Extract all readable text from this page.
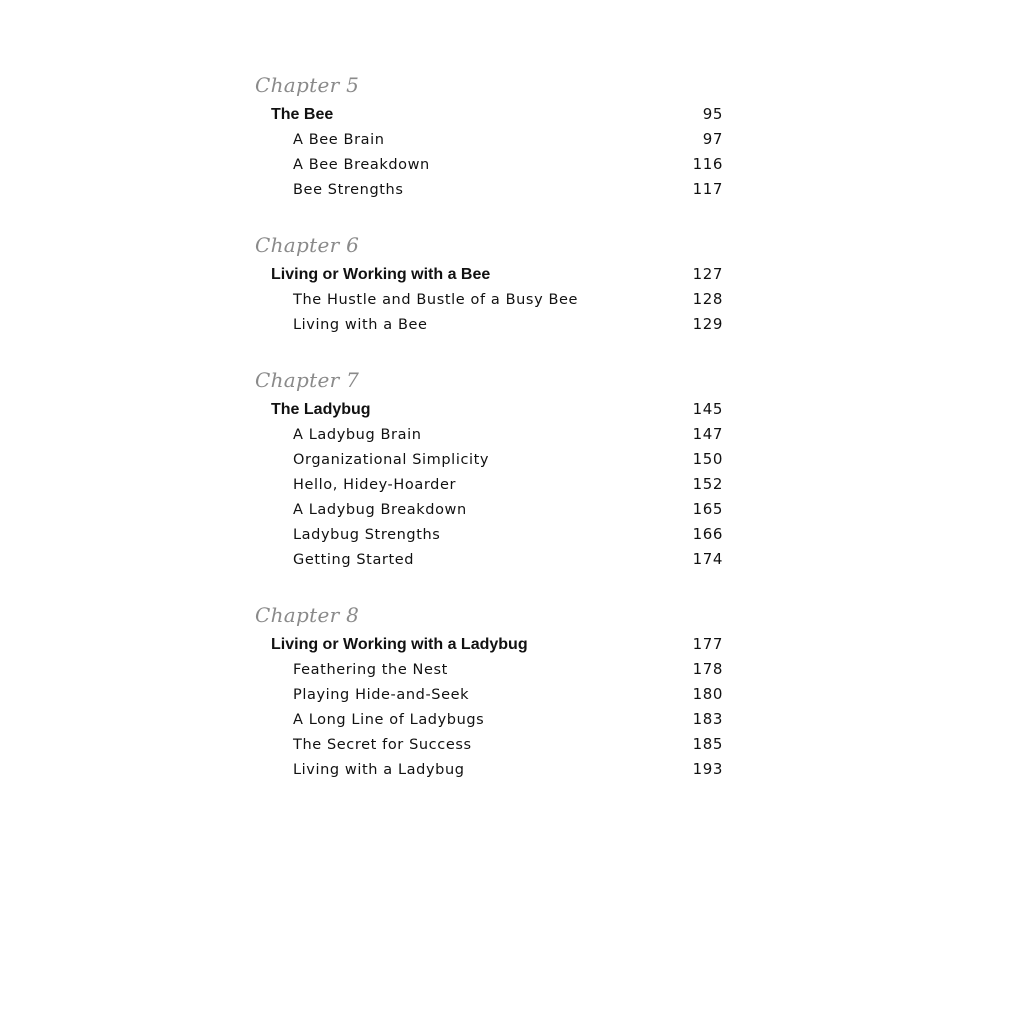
Chapter 5
The Bee	95
A Bee Brain	97
A Bee Breakdown	116
Bee Strengths	117
Chapter 6
Living or Working with a Bee	127
The Hustle and Bustle of a Busy Bee	128
Living with a Bee	129
Chapter 7
The Ladybug	145
A Ladybug Brain	147
Organizational Simplicity	150
Hello, Hidey-Hoarder	152
A Ladybug Breakdown	165
Ladybug Strengths	166
Getting Started	174
Chapter 8
Living or Working with a Ladybug	177
Feathering the Nest	178
Playing Hide-and-Seek	180
A Long Line of Ladybugs	183
The Secret for Success	185
Living with a Ladybug	193
